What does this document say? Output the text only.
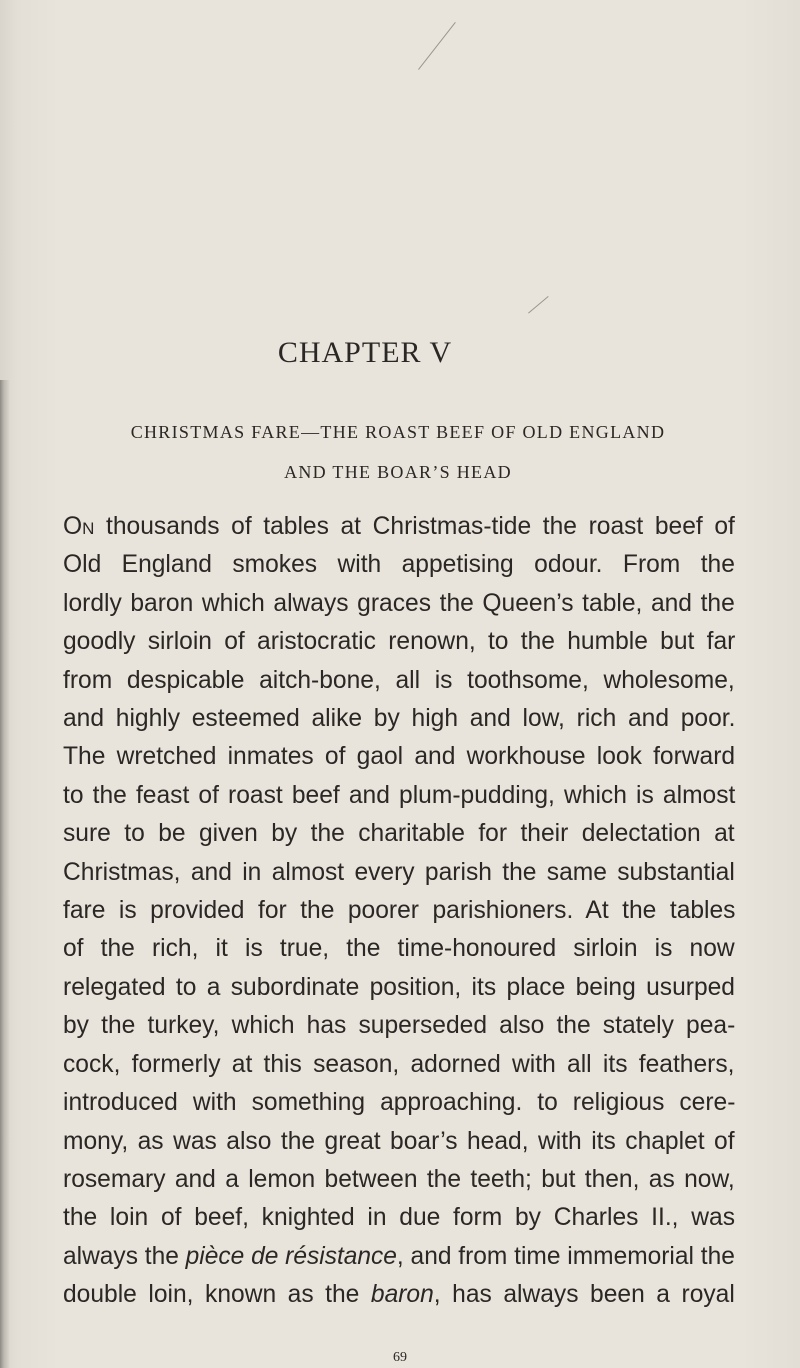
CHAPTER V
CHRISTMAS FARE—THE ROAST BEEF OF OLD ENGLAND
AND THE BOAR’S HEAD
On thousands of tables at Christmas-tide the roast beef of
Old England smokes with appetising odour. From the
lordly baron which always graces the Queen’s table, and the
goodly sirloin of aristocratic renown, to the humble but far
from despicable aitch-bone, all is toothsome, wholesome,
and highly esteemed alike by high and low, rich and poor.
The wretched inmates of gaol and workhouse look forward
to the feast of roast beef and plum-pudding, which is almost
sure to be given by the charitable for their delectation at
Christmas, and in almost every parish the same substantial
fare is provided for the poorer parishioners. At the tables
of the rich, it is true, the time-honoured sirloin is now
relegated to a subordinate position, its place being usurped
by the turkey, which has superseded also the stately pea-
cock, formerly at this season, adorned with all its feathers,
introduced with something approaching. to religious cere-
mony, as was also the great boar’s head, with its chaplet of
rosemary and a lemon between the teeth; but then, as now,
the loin of beef, knighted in due form by Charles II., was
always the pièce de résistance, and from time immemorial the
double loin, known as the baron, has always been a royal
69
